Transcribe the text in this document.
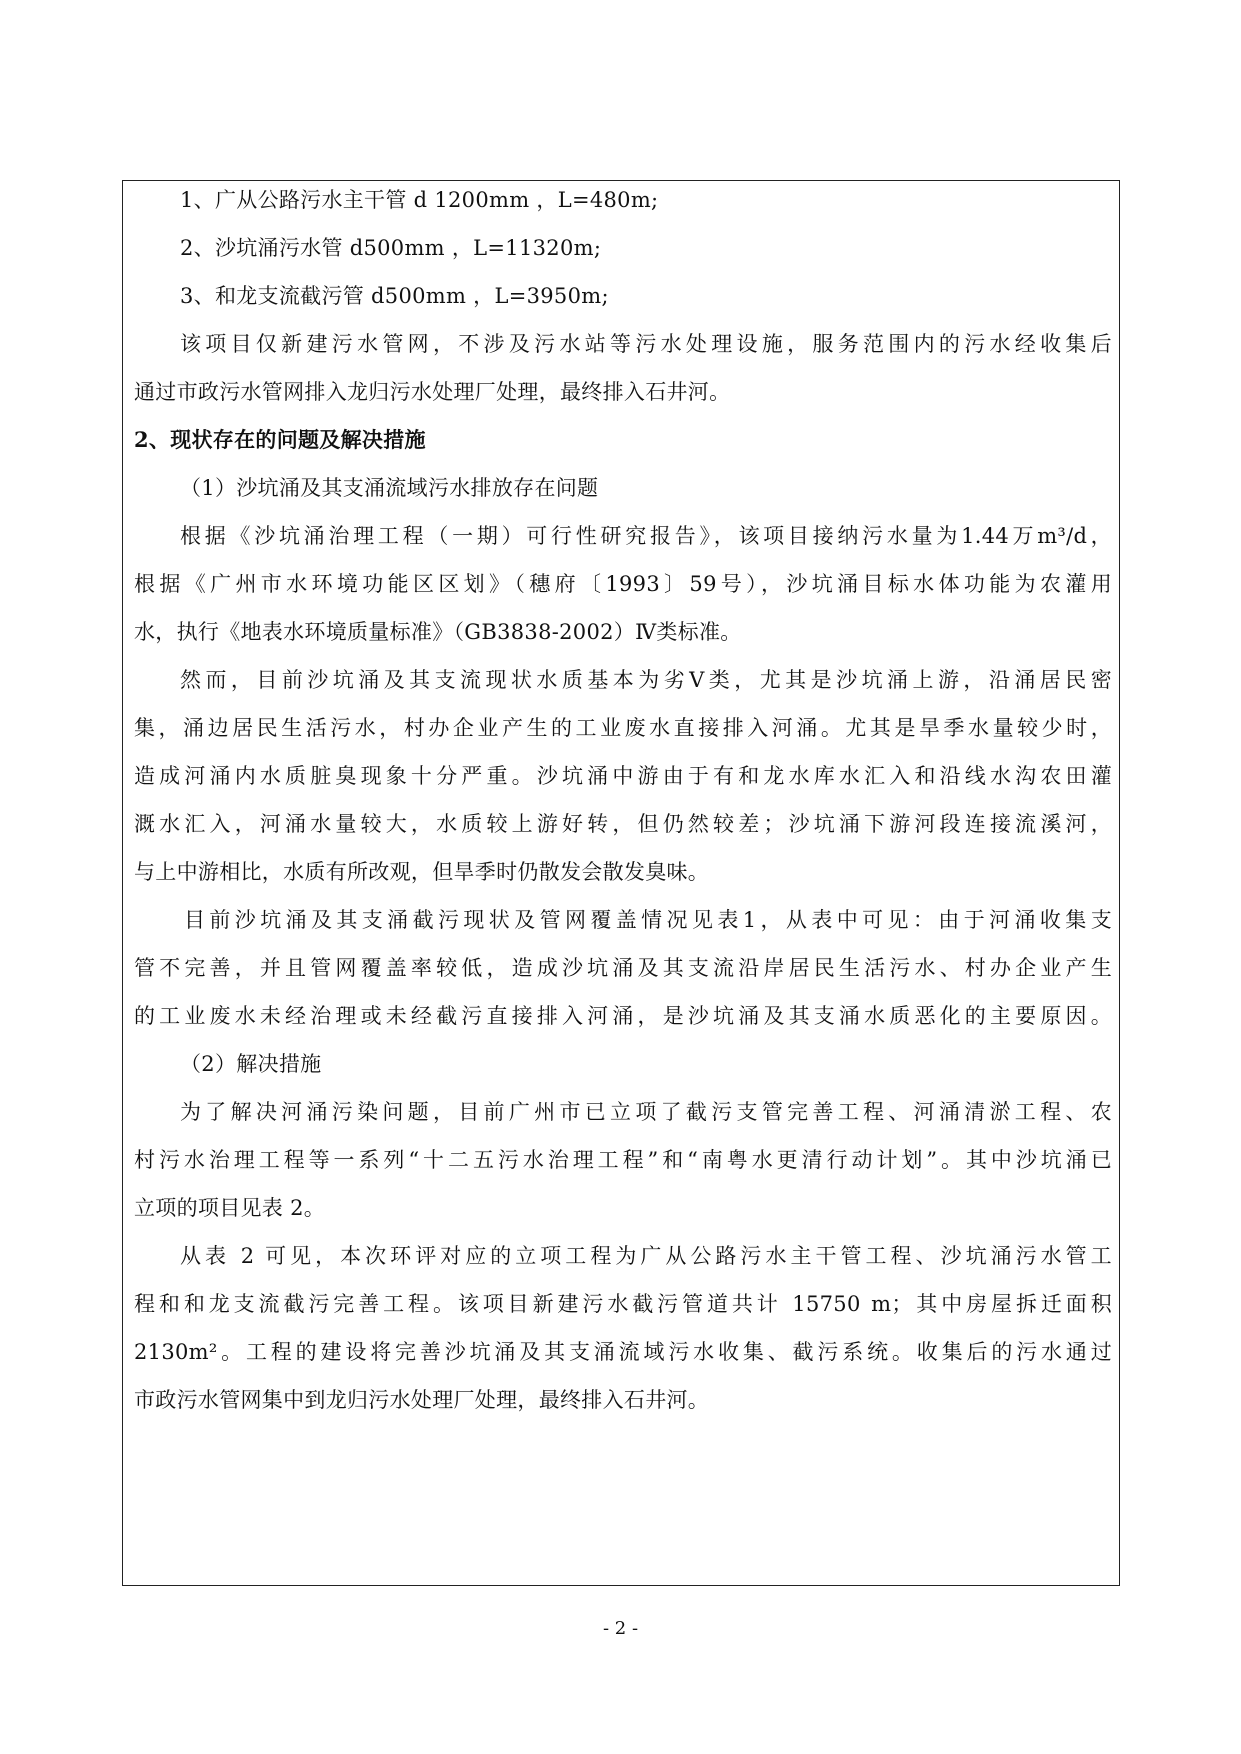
1、广从公路污水主干管 d 1200mm ，L=480m;
2、沙坑涌污水管 d500mm ，L=11320m;
3、和龙支流截污管 d500mm ，L=3950m;
该项目仅新建污水管网，不涉及污水站等污水处理设施，服务范围内的污水经收集后
通过市政污水管网排入龙归污水处理厂处理，最终排入石井河。
2、现状存在的问题及解决措施
（1）沙坑涌及其支涌流域污水排放存在问题
根据《沙坑涌治理工程（一期）可行性研究报告》，该项目接纳污水量为1.44万m³/d，
根据《广州市水环境功能区区划》（穗府〔1993〕59号），沙坑涌目标水体功能为农灌用
水，执行《地表水环境质量标准》（GB3838-2002）Ⅳ类标准。
然而，目前沙坑涌及其支流现状水质基本为劣Ⅴ类，尤其是沙坑涌上游，沿涌居民密
集，涌边居民生活污水，村办企业产生的工业废水直接排入河涌。尤其是旱季水量较少时，
造成河涌内水质脏臭现象十分严重。沙坑涌中游由于有和龙水库水汇入和沿线水沟农田灌
溉水汇入，河涌水量较大，水质较上游好转，但仍然较差；沙坑涌下游河段连接流溪河，
与上中游相比，水质有所改观，但旱季时仍散发会散发臭味。
目前沙坑涌及其支涌截污现状及管网覆盖情况见表1，从表中可见：由于河涌收集支
管不完善，并且管网覆盖率较低，造成沙坑涌及其支流沿岸居民生活污水、村办企业产生
的工业废水未经治理或未经截污直接排入河涌，是沙坑涌及其支涌水质恶化的主要原因。
（2）解决措施
为了解决河涌污染问题，目前广州市已立项了截污支管完善工程、河涌清淤工程、农
村污水治理工程等一系列“十二五污水治理工程”和“南粤水更清行动计划”。其中沙坑涌已
立项的项目见表 2。
从表 2 可见，本次环评对应的立项工程为广从公路污水主干管工程、沙坑涌污水管工
程和和龙支流截污完善工程。该项目新建污水截污管道共计 15750 m；其中房屋拆迁面积
2130m²。工程的建设将完善沙坑涌及其支涌流域污水收集、截污系统。收集后的污水通过
市政污水管网集中到龙归污水处理厂处理，最终排入石井河。
- 2 -
